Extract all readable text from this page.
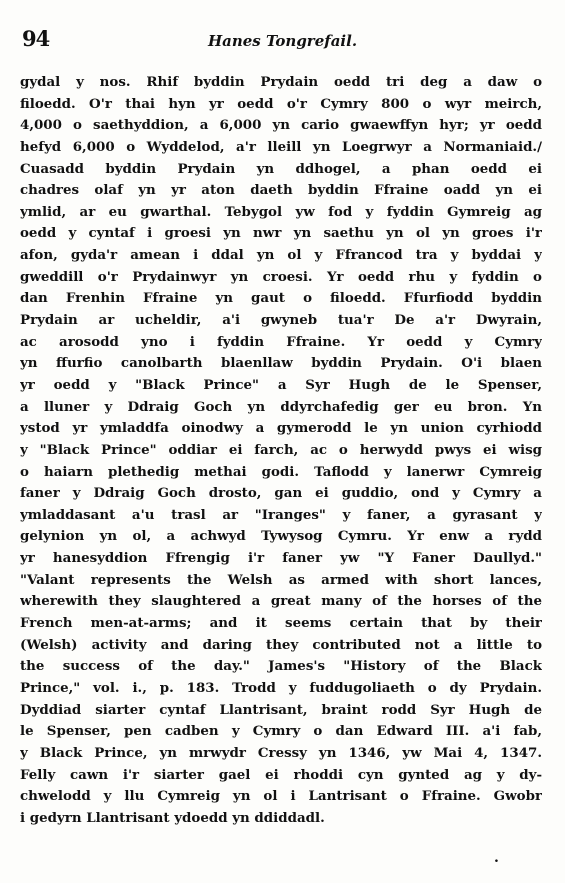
94	Hanes Tongrefail.
gydal y nos. Rhif byddin Prydain oedd tri deg a daw o
filoedd. O'r thai hyn yr oedd o'r Cymry 800 o wyr meirch,
4,000 o saethyddion, a 6,000 yn cario gwaewffyn hyr; yr oedd
hefyd 6,000 o Wyddelod, a'r lleill yn Loegrwyr a Normaniaid./
Cuasadd byddin Prydain yn ddhogel, a phan oedd ei
chadres olaf yn yr aton daeth byddin Ffraine oadd yn ei
ymlid, ar eu gwarthal. Tebygol yw fod y fyddin Gymreig ag
oedd y cyntaf i groesi yn nwr yn saethu yn ol yn groes i'r
afon, gyda'r amean i ddal yn ol y Ffrancod tra y byddai y
gweddill o'r Prydainwyr yn croesi. Yr oedd rhu y fyddin o
dan Frenhin Ffraine yn gaut o filoedd. Ffurfiodd byddin
Prydain ar ucheldir, a'i gwyneb tua'r De a'r Dwyrain,
ac arosodd yno i fyddin Ffraine. Yr oedd y Cymry
yn ffurfio canolbarth blaenllaw byddin Prydain. O'i blaen
yr oedd y "Black Prince" a Syr Hugh de le Spenser,
a lluner y Ddraig Goch yn ddyrchafedig ger eu bron. Yn
ystod yr ymladdfa oinodwy a gymerodd le yn union cyrhiodd
y "Black Prince" oddiar ei farch, ac o herwydd pwys ei wisg
o haiarn plethedig methai godi. Taflodd y lanerwr Cymreig
faner y Ddraig Goch drosto, gan ei guddio, ond y Cymry a
ymladdasant a'u trasl ar "Iranges" y faner, a gyrasant y
gelynion yn ol, a achwyd Tywysog Cymru. Yr enw a rydd
yr hanesyddion Ffrengig i'r faner yw "Y Faner Daullyd."
"Valant represents the Welsh as armed with short lances,
wherewith they slaughtered a great many of the horses of the
French men-at-arms; and it seems certain that by their
(Welsh) activity and daring they contributed not a little to
the success of the day." James's "History of the Black
Prince," vol. i., p. 183. Trodd y fuddugoliaeth o dy Prydain.
Dyddiad siarter cyntaf Llantrisant, braint rodd Syr Hugh de
le Spenser, pen cadben y Cymry o dan Edward III. a'i fab,
y Black Prince, yn mrwydr Cressy yn 1346, yw Mai 4, 1347.
Felly cawn i'r siarter gael ei rhoddi cyn gynted ag y dy-
chwelodd y llu Cymreig yn ol i Lantrisant o Ffraine. Gwobr
i gedyrn Llantrisant ydoedd yn ddiddadl.
.
